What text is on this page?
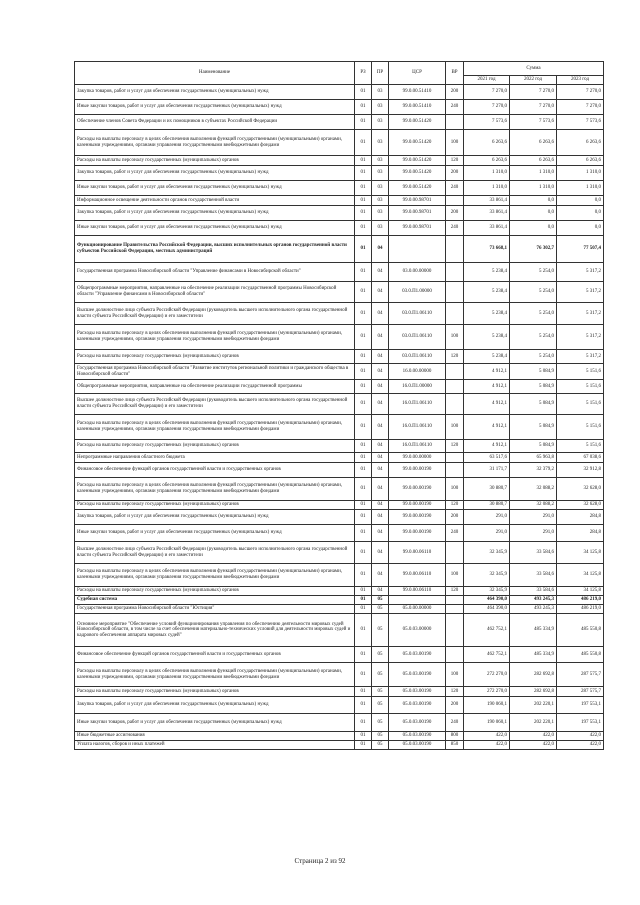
Наименование	РЗ	ПР	ЦСР	ВР	Сумма		
					2021 год	2022 год	2023 год
Закупка товаров, работ и услуг для обеспечения государственных (муниципальных) нужд	01	03	99.0.00.51410	200	7 270,0	7 270,0	7 270,0
Иные закупки товаров, работ и услуг для обеспечения государственных (муниципальных) нужд	01	03	99.0.00.51410	240	7 270,0	7 270,0	7 270,0
Обеспечение членов Совета Федерации и их помощников в субъектах Российской Федерации	01	03	99.0.00.51420		7 573,6	7 573,6	7 573,6
Расходы на выплаты персоналу в целях обеспечения выполнения функций государственными (муниципальными) органами, казенными учреждениями, органами управления государственными внебюджетными фондами	01	03	99.0.00.51420	100	6 263,6	6 263,6	6 263,6
Расходы на выплаты персоналу государственных (муниципальных) органов	01	03	99.0.00.51420	120	6 263,6	6 263,6	6 263,6
Закупка товаров, работ и услуг для обеспечения государственных (муниципальных) нужд	01	03	99.0.00.51420	200	1 310,0	1 310,0	1 310,0
Иные закупки товаров, работ и услуг для обеспечения государственных (муниципальных) нужд	01	03	99.0.00.51420	240	1 310,0	1 310,0	1 310,0
Информационное освещение деятельности органов государственной власти	01	03	99.0.00.98701		33 861,4	0,0	0,0
Закупка товаров, работ и услуг для обеспечения государственных (муниципальных) нужд	01	03	99.0.00.98701	200	33 861,4	0,0	0,0
Иные закупки товаров, работ и услуг для обеспечения государственных (муниципальных) нужд	01	03	99.0.00.98701	240	33 861,4	0,0	0,0
Функционирование Правительства Российской Федерации, высших исполнительных органов государственной власти субъектов Российской Федерации, местных администраций	01	04			73 668,1	76 302,7	77 507,4
Государственная программа Новосибирской области "Управление финансами в Новосибирской области"	01	04	03.0.00.00000		5 238,4	5 254,0	5 317,2
Общепрограммные мероприятия, направленные на обеспечение реализации государственной программы Новосибирской области "Управление финансами в Новосибирской области"	01	04	03.0.П1.00000		5 238,4	5 254,0	5 317,2
Высшее должностное лицо субъекта Российской Федерации (руководитель высшего исполнительного органа государственной власти субъекта Российской Федерации) и его заместители	01	04	03.0.П1.06110		5 238,4	5 254,0	5 317,2
Расходы на выплаты персоналу в целях обеспечения выполнения функций государственными (муниципальными) органами, казенными учреждениями, органами управления государственными внебюджетными фондами	01	04	03.0.П1.06110	100	5 238,4	5 254,0	5 317,2
Расходы на выплаты персоналу государственных (муниципальных) органов	01	04	03.0.П1.06110	120	5 238,4	5 254,0	5 317,2
Государственная программа Новосибирской области "Развитие институтов региональной политики и гражданского общества в Новосибирской области"	01	04	16.0.00.00000		4 912,1	5 084,9	5 151,6
Общепрограммные мероприятия, направленные на обеспечение реализации государственной программы	01	04	16.0.П1.00000		4 912,1	5 084,9	5 151,6
Высшее должностное лицо субъекта Российской Федерации (руководитель высшего исполнительного органа государственной власти субъекта Российской Федерации) и его заместители	01	04	16.0.П1.06110		4 912,1	5 084,9	5 151,6
Расходы на выплаты персоналу в целях обеспечения выполнения функций государственными (муниципальными) органами, казенными учреждениями, органами управления государственными внебюджетными фондами	01	04	16.0.П1.06110	100	4 912,1	5 084,9	5 151,6
Расходы на выплаты персоналу государственных (муниципальных) органов	01	04	16.0.П1.06110	120	4 912,1	5 084,9	5 151,6
Непрограммные направления областного бюджета	01	04	99.0.00.00000		63 517,6	65 963,8	67 038,6
Финансовое обеспечение функций органов государственной власти и государственных органов	01	04	99.0.00.00190		31 171,7	32 379,2	32 912,8
Расходы на выплаты персоналу в целях обеспечения выполнения функций государственными (муниципальными) органами, казенными учреждениями, органами управления государственными внебюджетными фондами	01	04	99.0.00.00190	100	30 880,7	32 088,2	32 628,0
Расходы на выплаты персоналу государственных (муниципальных) органов	01	04	99.0.00.00190	120	30 880,7	32 088,2	32 628,0
Закупка товаров, работ и услуг для обеспечения государственных (муниципальных) нужд	01	04	99.0.00.00190	200	291,0	291,0	284,8
Иные закупки товаров, работ и услуг для обеспечения государственных (муниципальных) нужд	01	04	99.0.00.00190	240	291,0	291,0	284,8
Высшее должностное лицо субъекта Российской Федерации (руководитель высшего исполнительного органа государственной власти субъекта Российской Федерации) и его заместители	01	04	99.0.00.06110		32 345,9	33 584,6	34 125,8
Расходы на выплаты персоналу в целях обеспечения выполнения функций государственными (муниципальными) органами, казенными учреждениями, органами управления государственными внебюджетными фондами	01	04	99.0.00.06110	100	32 345,9	33 584,6	34 125,8
Расходы на выплаты персоналу государственных (муниципальных) органов	01	04	99.0.00.06110	120	32 345,9	33 584,6	34 125,8
Судебная система	01	05			464 390,0	493 245,3	486 219,0
Государственная программа Новосибирской области "Юстиция"	01	05	05.0.00.00000		464 390,0	493 245,3	486 219,0
Основное мероприятие "Обеспечение условий функционирования управления по обеспечению деятельности мировых судей Новосибирской области, в том числе за счет обеспечения материально-технических условий для деятельности мировых судей и кадрового обеспечения аппарата мировых судей"	01	05	05.0.03.00000		462 752,1	485 334,9	485 550,8
Финансовое обеспечение функций органов государственной власти и государственных органов	01	05	05.0.03.00190		462 752,1	485 334,9	485 550,8
Расходы на выплаты персоналу в целях обеспечения выполнения функций государственными (муниципальными) органами, казенными учреждениями, органами управления государственными внебюджетными фондами	01	05	05.0.03.00190	100	272 270,0	282 692,8	287 575,7
Расходы на выплаты персоналу государственных (муниципальных) органов	01	05	05.0.03.00190	120	272 270,0	282 692,8	287 575,7
Закупка товаров, работ и услуг для обеспечения государственных (муниципальных) нужд	01	05	05.0.03.00190	200	190 060,1	202 220,1	197 553,1
Иные закупки товаров, работ и услуг для обеспечения государственных (муниципальных) нужд	01	05	05.0.03.00190	240	190 060,1	202 220,1	197 553,1
Иные бюджетные ассигнования	01	05	05.0.03.00190	800	422,0	422,0	422,0
Уплата налогов, сборов и иных платежей	01	05	05.0.03.00190	850	422,0	422,0	422,0
Страница 2 из 92
